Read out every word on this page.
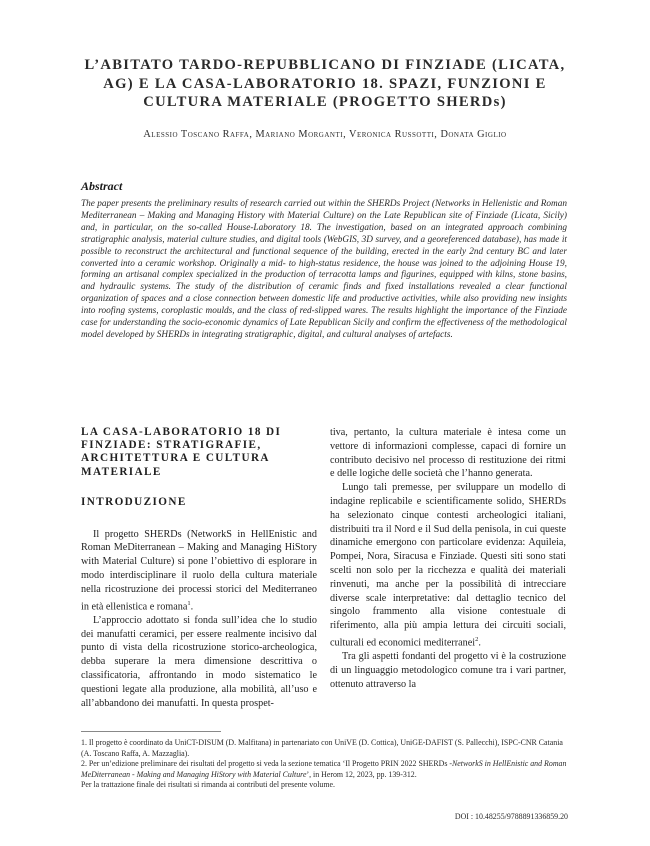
L’ABITATO TARDO-REPUBBLICANO DI FINZIADE (LICATA, AG) E LA CASA-LABORATORIO 18. SPAZI, FUNZIONI E CULTURA MATERIALE (PROGETTO SHERDs)
Alessio Toscano Raffa, Mariano Morganti, Veronica Russotti, Donata Giglio
Abstract
The paper presents the preliminary results of research carried out within the SHERDs Project (Networks in Hellenistic and Roman Mediterranean – Making and Managing History with Material Culture) on the Late Republican site of Finziade (Licata, Sicily) and, in particular, on the so-called House-Laboratory 18. The investigation, based on an integrated approach combining stratigraphic analysis, material culture studies, and digital tools (WebGIS, 3D survey, and a georeferenced database), has made it possible to reconstruct the architectural and functional sequence of the building, erected in the early 2nd century BC and later converted into a ceramic workshop. Originally a mid- to high-status residence, the house was joined to the adjoining House 19, forming an artisanal complex specialized in the production of terracotta lamps and figurines, equipped with kilns, stone basins, and hydraulic systems. The study of the distribution of ceramic finds and fixed installations revealed a clear functional organization of spaces and a close connection between domestic life and productive activities, while also providing new insights into roofing systems, coroplastic moulds, and the class of red-slipped wares. The results highlight the importance of the Finziade case for understanding the socio-economic dynamics of Late Republican Sicily and confirm the effectiveness of the methodological model developed by SHERDs in integrating stratigraphic, digital, and cultural analyses of artefacts.
LA CASA-LABORATORIO 18 DI FINZIADE: STRATIGRAFIE, ARCHITETTURA E CULTURA MATERIALE
INTRODUZIONE

Il progetto SHERDs (NetworkS in HellEnistic and Roman MeDiterranean – Making and Managing HiStory with Material Culture) si pone l’obiettivo di esplorare in modo interdisciplinare il ruolo della cultura materiale nella ricostruzione dei processi storici del Mediterraneo in età ellenistica e romana$^1$.

L’approccio adottato si fonda sull’idea che lo studio dei manufatti ceramici, per essere realmente incisivo dal punto di vista della ricostruzione storico-archeologica, debba superare la mera dimensione descrittiva o classificatoria, affrontando in modo sistematico le questioni legate alla produzione, alla mobilità, all’uso e all’abbandono dei manufatti. In questa prospet-

tiva, pertanto, la cultura materiale è intesa come un vettore di informazioni complesse, capaci di fornire un contributo decisivo nel processo di restituzione dei ritmi e delle logiche delle società che l’hanno generata.

Lungo tali premesse, per sviluppare un modello di indagine replicabile e scientificamente solido, SHERDs ha selezionato cinque contesti archeologici italiani, distribuiti tra il Nord e il Sud della penisola, in cui queste dinamiche emergono con particolare evidenza: Aquileia, Pompei, Nora, Siracusa e Finziade. Questi siti sono stati scelti non solo per la ricchezza e qualità dei materiali rinvenuti, ma anche per la possibilità di intrecciare diverse scale interpretative: dal dettaglio tecnico del singolo frammento alla visione contestuale di riferimento, alla più ampia lettura dei circuiti sociali, culturali ed economici mediterranei$^2$.

Tra gli aspetti fondanti del progetto vi è la costruzione di un linguaggio metodologico comune tra i vari partner, ottenuto attraverso la

1. Il progetto è coordinato da UniCT-DISUM (D. Malfitana) in partenariato con UniVE (D. Cottica), UniGE-DAFIST (S. Pallecchi), ISPC-CNR Catania (A. Toscano Raffa, A. Mazzaglia).

2. Per un’edizione preliminare dei risultati del progetto si veda la sezione tematica ‘Il Progetto PRIN 2022 SHERDs -NetworkS in HellEnistic and Roman MeDiterranean - Making and Managing HiStory with Material Culture’, in Herom 12, 2023, pp. 139-312.

Per la trattazione finale dei risultati si rimanda ai contributi del presente volume.

DOI : 10.48255/9788891336859.20
